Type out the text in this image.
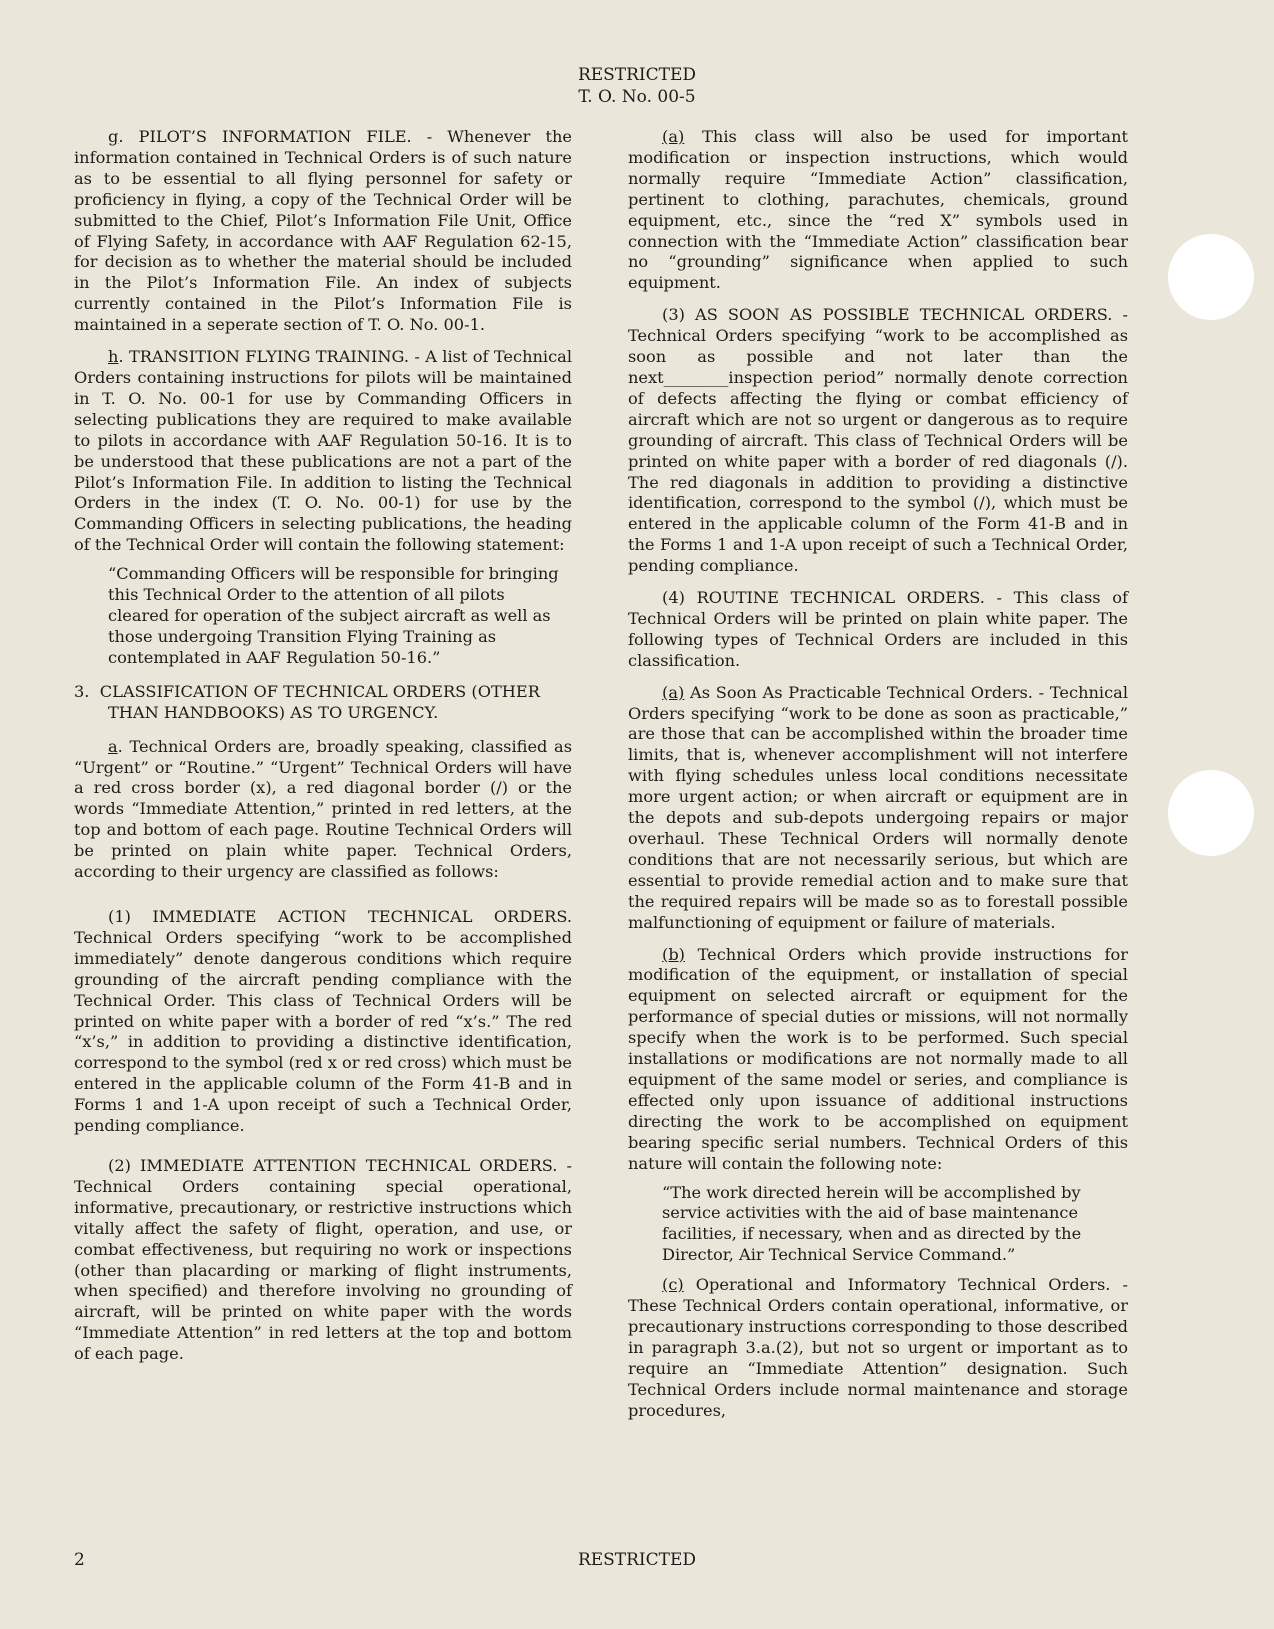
RESTRICTED
T. O. No. 00-5

g. PILOT’S INFORMATION FILE. - Whenever the information contained in Technical Orders is of such nature as to be essential to all flying personnel for safety or proficiency in flying, a copy of the Technical Order will be submitted to the Chief, Pilot’s Information File Unit, Office of Flying Safety, in accordance with AAF Regulation 62-15, for decision as to whether the material should be included in the Pilot’s Information File. An index of subjects currently contained in the Pilot’s Information File is maintained in a seperate section of T. O. No. 00-1.

h. TRANSITION FLYING TRAINING. - A list of Technical Orders containing instructions for pilots will be maintained in T. O. No. 00-1 for use by Commanding Officers in selecting publications they are required to make available to pilots in accordance with AAF Regulation 50-16. It is to be understood that these publications are not a part of the Pilot’s Information File. In addition to listing the Technical Orders in the index (T. O. No. 00-1) for use by the Commanding Officers in selecting publications, the heading of the Technical Order will contain the following statement:

“Commanding Officers will be responsible for bringing this Technical Order to the attention of all pilots cleared for operation of the subject aircraft as well as those undergoing Transition Flying Training as contemplated in AAF Regulation 50-16.”

3. CLASSIFICATION OF TECHNICAL ORDERS (OTHER THAN HANDBOOKS) AS TO URGENCY.

a. Technical Orders are, broadly speaking, classified as “Urgent” or “Routine.” “Urgent” Technical Orders will have a red cross border (x), a red diagonal border (/) or the words “Immediate Attention,” printed in red letters, at the top and bottom of each page. Routine Technical Orders will be printed on plain white paper. Technical Orders, according to their urgency are classified as follows:

(1) IMMEDIATE ACTION TECHNICAL ORDERS. Technical Orders specifying “work to be accomplished immediately” denote dangerous conditions which require grounding of the aircraft pending compliance with the Technical Order. This class of Technical Orders will be printed on white paper with a border of red “x’s.” The red “x’s,” in addition to providing a distinctive identification, correspond to the symbol (red x or red cross) which must be entered in the applicable column of the Form 41-B and in Forms 1 and 1-A upon receipt of such a Technical Order, pending compliance.

(2) IMMEDIATE ATTENTION TECHNICAL ORDERS. - Technical Orders containing special operational, informative, precautionary, or restrictive instructions which vitally affect the safety of flight, operation, and use, or combat effectiveness, but requiring no work or inspections (other than placarding or marking of flight instruments, when specified) and therefore involving no grounding of aircraft, will be printed on white paper with the words “Immediate Attention” in red letters at the top and bottom of each page.

(a) This class will also be used for important modification or inspection instructions, which would normally require “Immediate Action” classification, pertinent to clothing, parachutes, chemicals, ground equipment, etc., since the “red X” symbols used in connection with the “Immediate Action” classification bear no “grounding” significance when applied to such equipment.

(3) AS SOON AS POSSIBLE TECHNICAL ORDERS. - Technical Orders specifying “work to be accomplished as soon as possible and not later than the next________inspection period” normally denote correction of defects affecting the flying or combat efficiency of aircraft which are not so urgent or dangerous as to require grounding of aircraft. This class of Technical Orders will be printed on white paper with a border of red diagonals (/). The red diagonals in addition to providing a distinctive identification, correspond to the symbol (/), which must be entered in the applicable column of the Form 41-B and in the Forms 1 and 1-A upon receipt of such a Technical Order, pending compliance.

(4) ROUTINE TECHNICAL ORDERS. - This class of Technical Orders will be printed on plain white paper. The following types of Technical Orders are included in this classification.

(a) As Soon As Practicable Technical Orders. - Technical Orders specifying “work to be done as soon as practicable,” are those that can be accomplished within the broader time limits, that is, whenever accomplishment will not interfere with flying schedules unless local conditions necessitate more urgent action; or when aircraft or equipment are in the depots and sub-depots undergoing repairs or major overhaul. These Technical Orders will normally denote conditions that are not necessarily serious, but which are essential to provide remedial action and to make sure that the required repairs will be made so as to forestall possible malfunctioning of equipment or failure of materials.

(b) Technical Orders which provide instructions for modification of the equipment, or installation of special equipment on selected aircraft or equipment for the performance of special duties or missions, will not normally specify when the work is to be performed. Such special installations or modifications are not normally made to all equipment of the same model or series, and compliance is effected only upon issuance of additional instructions directing the work to be accomplished on equipment bearing specific serial numbers. Technical Orders of this nature will contain the following note:

“The work directed herein will be accomplished by service activities with the aid of base maintenance facilities, if necessary, when and as directed by the Director, Air Technical Service Command.”

(c) Operational and Informatory Technical Orders. - These Technical Orders contain operational, informative, or precautionary instructions corresponding to those described in paragraph 3.a.(2), but not so urgent or important as to require an “Immediate Attention” designation. Such Technical Orders include normal maintenance and storage procedures,

2	RESTRICTED
